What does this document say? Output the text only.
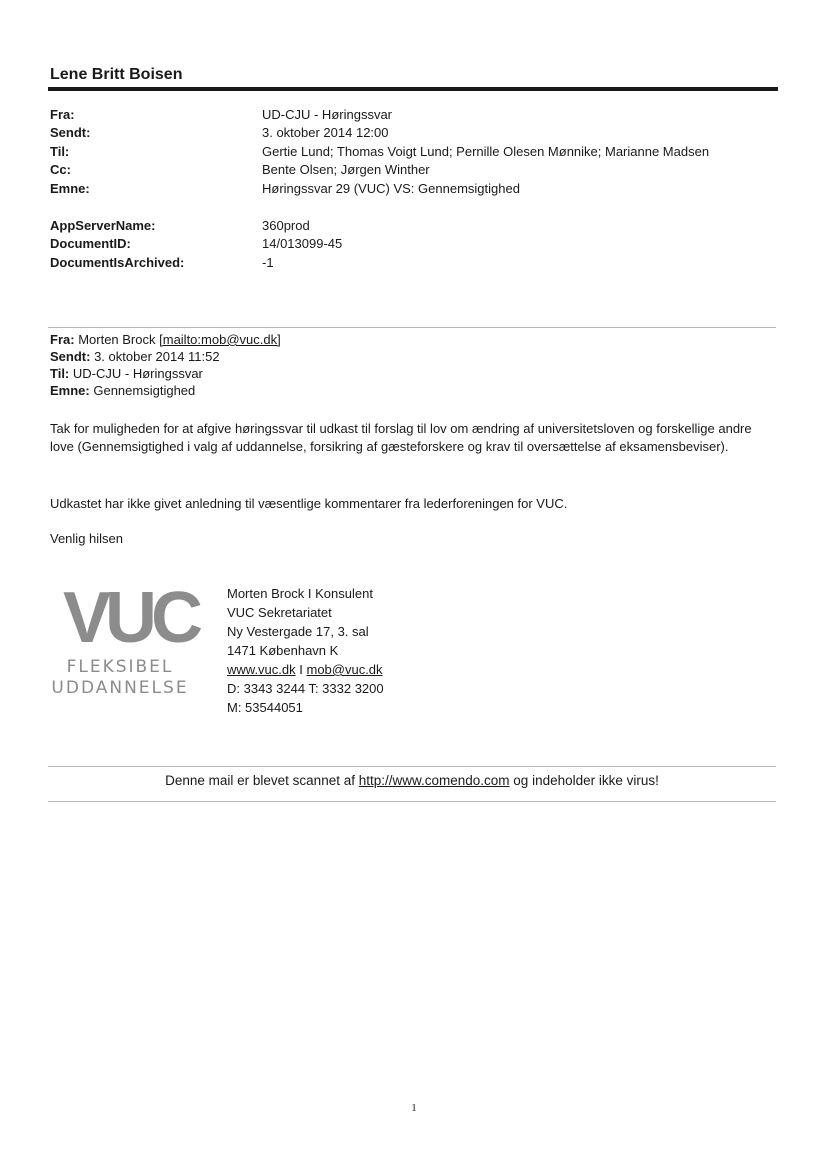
Lene Britt Boisen
Fra:	UD-CJU - Høringssvar
Sendt:	3. oktober 2014 12:00
Til:	Gertie Lund; Thomas Voigt Lund; Pernille Olesen Mønnike; Marianne Madsen
Cc:	Bente Olsen; Jørgen Winther
Emne:	Høringssvar 29 (VUC) VS: Gennemsigtighed
AppServerName:	360prod
DocumentID:	14/013099-45
DocumentIsArchived:	-1
Fra: Morten Brock [mailto:mob@vuc.dk]
Sendt: 3. oktober 2014 11:52
Til: UD-CJU - Høringssvar
Emne: Gennemsigtighed
Tak for muligheden for at afgive høringssvar til udkast til forslag til lov om ændring af universitetsloven og forskellige andre love (Gennemsigtighed i valg af uddannelse, forsikring af gæsteforskere og krav til oversættelse af eksamensbeviser).
Udkastet har ikke givet anledning til væsentlige kommentarer fra lederforeningen for VUC.
Venlig hilsen
VUC
FLEKSIBEL
UDDANNELSE
Morten Brock I Konsulent
VUC Sekretariatet
Ny Vestergade 17, 3. sal
1471 København K
www.vuc.dk I mob@vuc.dk
D: 3343 3244 T: 3332 3200
M: 53544051
Denne mail er blevet scannet af http://www.comendo.com og indeholder ikke virus!
1
